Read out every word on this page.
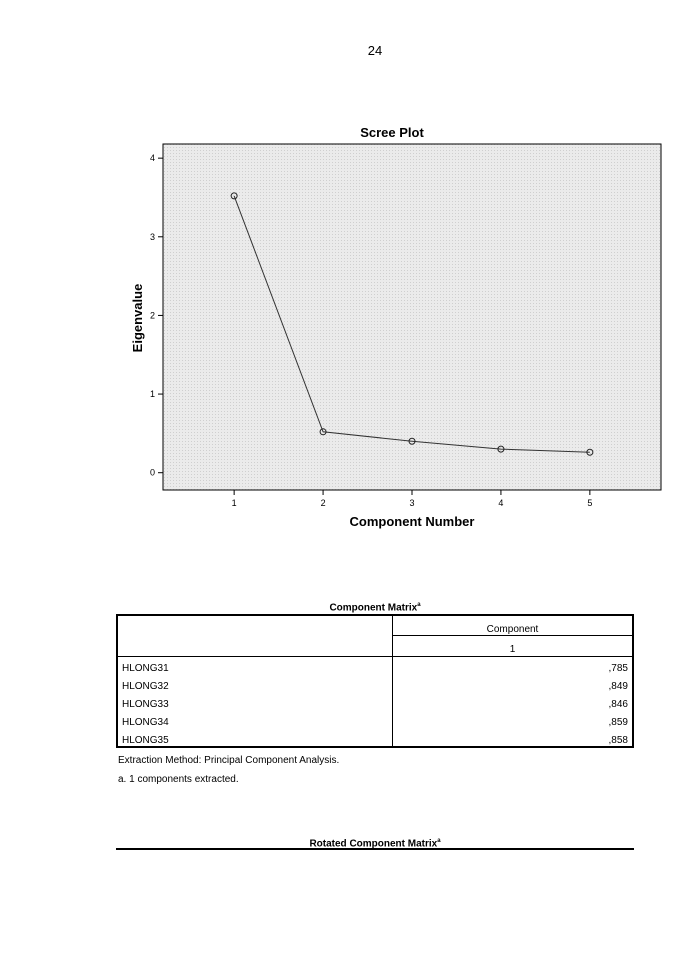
24
Scree Plot
0
1
2
3
4
1	2	3	4	5
Component Number
Eigenvalue
Component Matrix$^a$
Component
1
HLONG31	,785
HLONG32	,849
HLONG33	,846
HLONG34	,859
HLONG35	,858
Extraction Method: Principal Component Analysis.
a. 1 components extracted.
Rotated Component Matrix$^a$
